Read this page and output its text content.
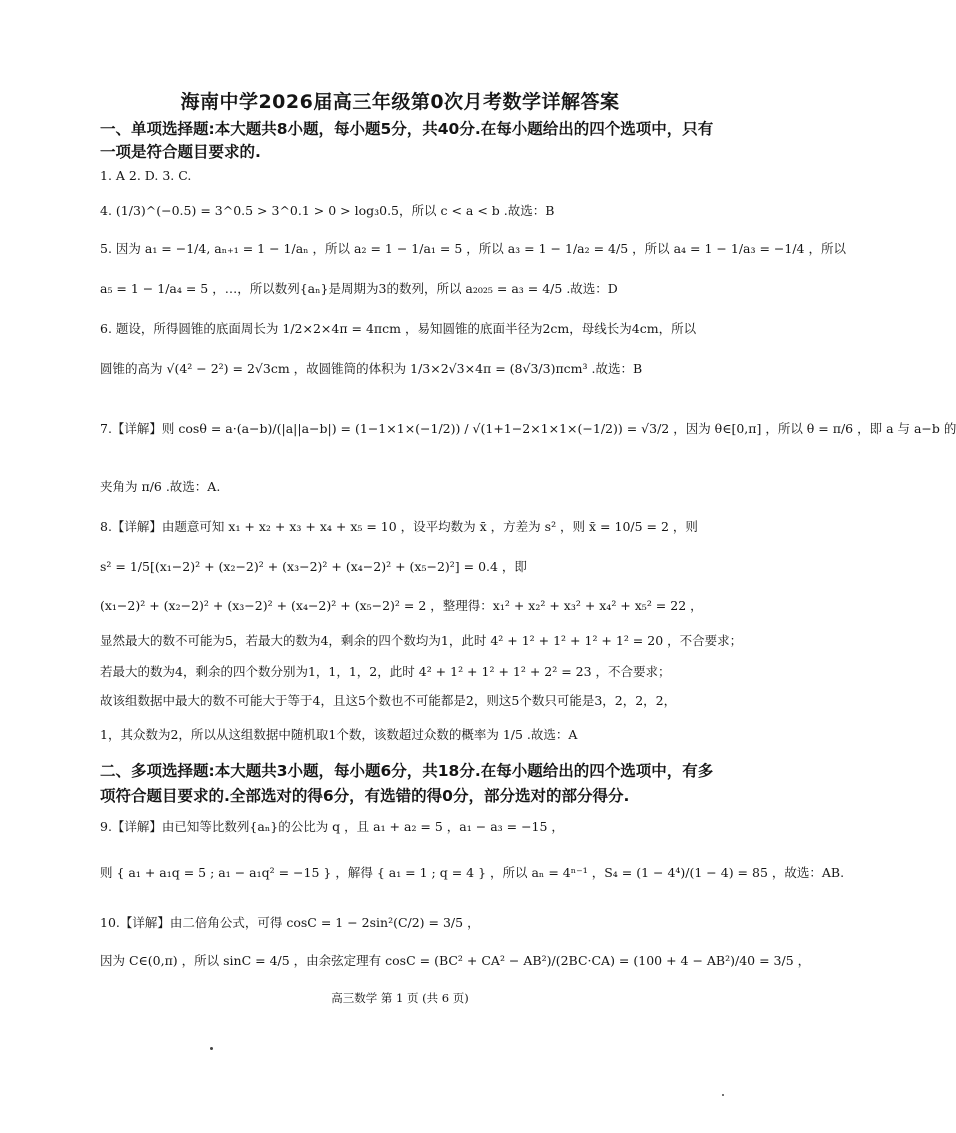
海南中学2026届高三年级第0次月考数学详解答案
一、单项选择题:本大题共8小题，每小题5分，共40分.在每小题给出的四个选项中，只有
一项是符合题目要求的.
1. A 2. D. 3. C.
4. (1/3)^(−0.5) = 3^0.5 > 3^0.1 > 0 > log₃0.5，所以 c < a < b .故选：B
5. 因为 a₁ = −1/4, aₙ₊₁ = 1 − 1/aₙ ，所以 a₂ = 1 − 1/a₁ = 5 ，所以 a₃ = 1 − 1/a₂ = 4/5 ，所以 a₄ = 1 − 1/a₃ = −1/4 ，所以
a₅ = 1 − 1/a₄ = 5 ，…，所以数列{aₙ}是周期为3的数列，所以 a₂₀₂₅ = a₃ = 4/5 .故选：D
6. 题设，所得圆锥的底面周长为 1/2×2×4π = 4πcm ，易知圆锥的底面半径为2cm，母线长为4cm，所以
圆锥的高为 √(4² − 2²) = 2√3cm ，故圆锥筒的体积为 1/3×2√3×4π = (8√3/3)πcm³ .故选：B
7.【详解】则 cosθ = a·(a−b)/(|a||a−b|) = (1−1×1×(−1/2)) / √(1+1−2×1×1×(−1/2)) = √3/2 ，因为 θ∈[0,π] ，所以 θ = π/6 ，即 a 与 a−b 的
夹角为 π/6 .故选：A.
8.【详解】由题意可知 x₁ + x₂ + x₃ + x₄ + x₅ = 10 ，设平均数为 x̄ ，方差为 s² ，则 x̄ = 10/5 = 2 ，则
s² = 1/5[(x₁−2)² + (x₂−2)² + (x₃−2)² + (x₄−2)² + (x₅−2)²] = 0.4 ，即
(x₁−2)² + (x₂−2)² + (x₃−2)² + (x₄−2)² + (x₅−2)² = 2 ，整理得：x₁² + x₂² + x₃² + x₄² + x₅² = 22 ，
显然最大的数不可能为5，若最大的数为4，剩余的四个数均为1，此时 4² + 1² + 1² + 1² + 1² = 20 ，不合要求；
若最大的数为4，剩余的四个数分别为1，1，1，2，此时 4² + 1² + 1² + 1² + 2² = 23 ，不合要求；
故该组数据中最大的数不可能大于等于4，且这5个数也不可能都是2，则这5个数只可能是3，2，2，2，
1，其众数为2，所以从这组数据中随机取1个数，该数超过众数的概率为 1/5 .故选：A
二、多项选择题:本大题共3小题，每小题6分，共18分.在每小题给出的四个选项中，有多
项符合题目要求的.全部选对的得6分，有选错的得0分，部分选对的部分得分.
9.【详解】由已知等比数列{aₙ}的公比为 q ，且 a₁ + a₂ = 5 ，a₁ − a₃ = −15 ，
则 { a₁ + a₁q = 5 ; a₁ − a₁q² = −15 } ，解得 { a₁ = 1 ; q = 4 } ，所以 aₙ = 4ⁿ⁻¹ ，S₄ = (1 − 4⁴)/(1 − 4) = 85 ，故选：AB.
10.【详解】由二倍角公式，可得 cosC = 1 − 2sin²(C/2) = 3/5 ，
因为 C∈(0,π) ，所以 sinC = 4/5 ，由余弦定理有 cosC = (BC² + CA² − AB²)/(2BC·CA) = (100 + 4 − AB²)/40 = 3/5 ，
高三数学 第 1 页 (共 6 页)
